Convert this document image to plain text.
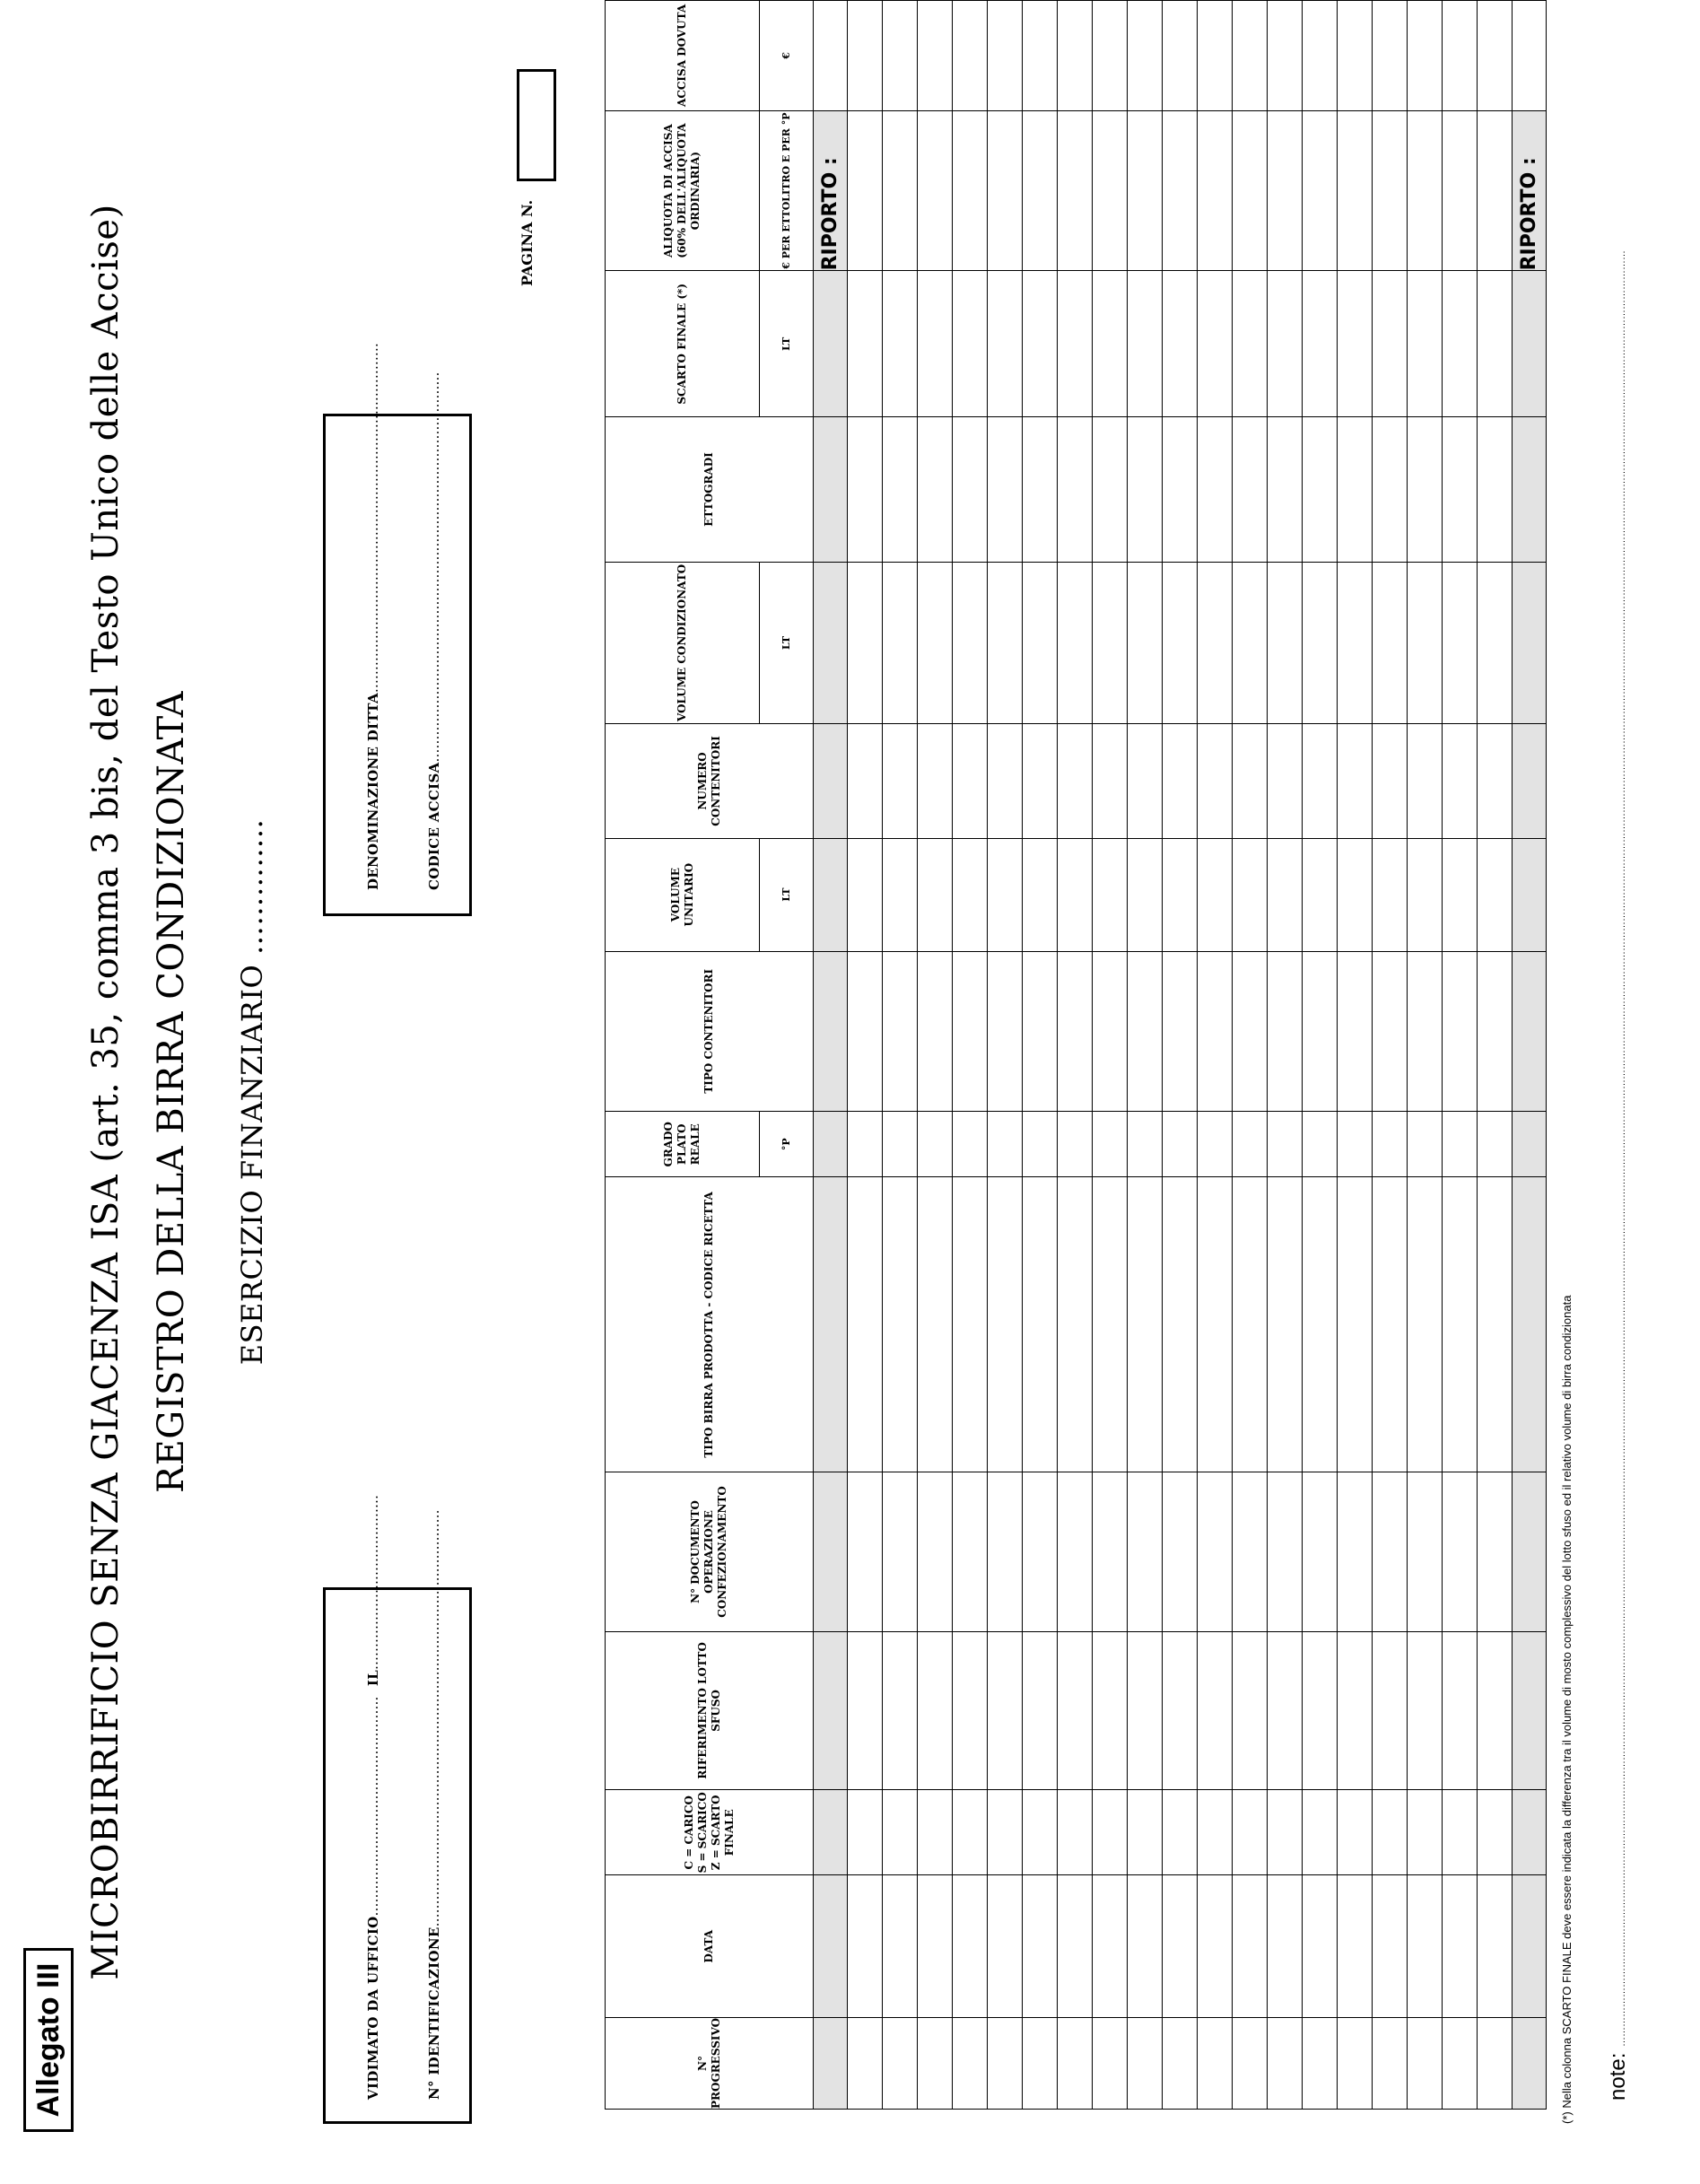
Allegato III
MICROBIRRIFICIO SENZA GIACENZA ISA (art. 35, comma 3 bis, del Testo Unico delle Accise) REGISTRO DELLA BIRRA CONDIZIONATA ESERCIZIO FINANZIARIO …………..
VIDIMATO DA UFFICIO…………………………………………. IL…………………………………
N° IDENTIFICAZIONE…………………………………………………………………………………
DENOMINAZIONE DITTA……………………………………………………………………
CODICE ACCISA……………………………………………………………………………
PAGINA N.
N° PROGRESSIVO	DATA	C = CARICO S = SCARICO Z = SCARTO FINALE	RIFERIMENTO LOTTO SFUSO	N° DOCUMENTO OPERAZIONE CONFEZIONAMENTO	TIPO BIRRA PRODOTTA - CODICE RICETTA	GRADO PLATO REALE	TIPO CONTENITORI	VOLUME UNITARIO	NUMERO CONTENITORI	VOLUME CONDIZIONATO	ETTOGRADI	SCARTO FINALE (*)	ALIQUOTA DI ACCISA (60% DELL'ALIQUOTA ORDINARIA)	ACCISA DOVUTA
						°P		LT		LT		LT	€ PER ETTOLITRO E PER °P	€
													RIPORTO :	

													RIPORTO :	
(*) Nella colonna SCARTO FINALE deve essere indicata la differenza tra il volume di mosto complessivo del lotto sfuso ed il relativo volume di birra condizionata note: ……………………………………………………………………………………………………………………………………………………………………………………………………………………………………………………………………………………………………………………………………………………………………………………………………………………………………………………………………………………………………
